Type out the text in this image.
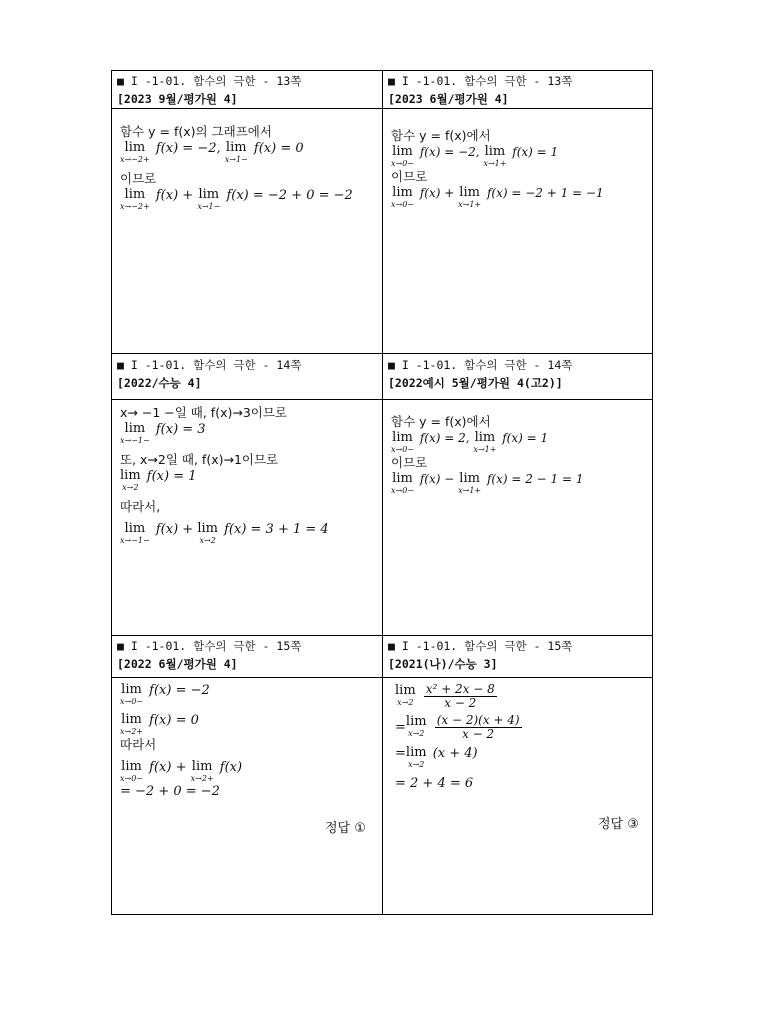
■ I -1-01. 함수의 극한 - 13쪽
[2023 9월/평가원 4]
함수 y = f(x)의 그래프에서
lim
x→−2+
f(x) = −2, lim
x→1−
f(x) = 0
이므로
lim
x→−2+
f(x) + lim
x→1−
f(x) = −2 + 0 = −2
■ I -1-01. 함수의 극한 - 13쪽
[2023 6월/평가원 4]
함수 y = f(x)에서
lim
x→0−
f(x) = −2, lim
x→1+
f(x) = 1
이므로
lim
x→0−
f(x) + lim
x→1+
f(x) = −2 + 1 = −1
■ I -1-01. 함수의 극한 - 14쪽
[2022/수능 4]
x→ −1 −일 때, f(x)→3이므로
lim
x→−1−
f(x) = 3
또, x→2일 때, f(x)→1이므로
lim
x→2
f(x) = 1
따라서,
lim
x→−1−
f(x) + lim
x→2
f(x) = 3 + 1 = 4
■ I -1-01. 함수의 극한 - 14쪽
[2022예시 5월/평가원 4(고2)]
함수 y = f(x)에서
lim
x→0−
f(x) = 2, lim
x→1+
f(x) = 1
이므로
lim
x→0−
f(x) − lim
x→1+
f(x) = 2 − 1 = 1
■ I -1-01. 함수의 극한 - 15쪽
[2022 6월/평가원 4]
lim
x→0−
f(x) = −2
lim
x→2+
f(x) = 0
따라서
lim
x→0−
f(x) + lim
x→2+
f(x)
= −2 + 0 = −2
정답 ①
■ I -1-01. 함수의 극한 - 15쪽
[2021(나)/수능 3]
lim
x→2
$\frac{\text{x² + 2x − 8}}{x - 2}$
= lim
x→2
$\frac{(x - 2)(x + 4)}{x - 2}$
= lim
x→2
(x + 4)
= 2 + 4 = 6
정답 ③
